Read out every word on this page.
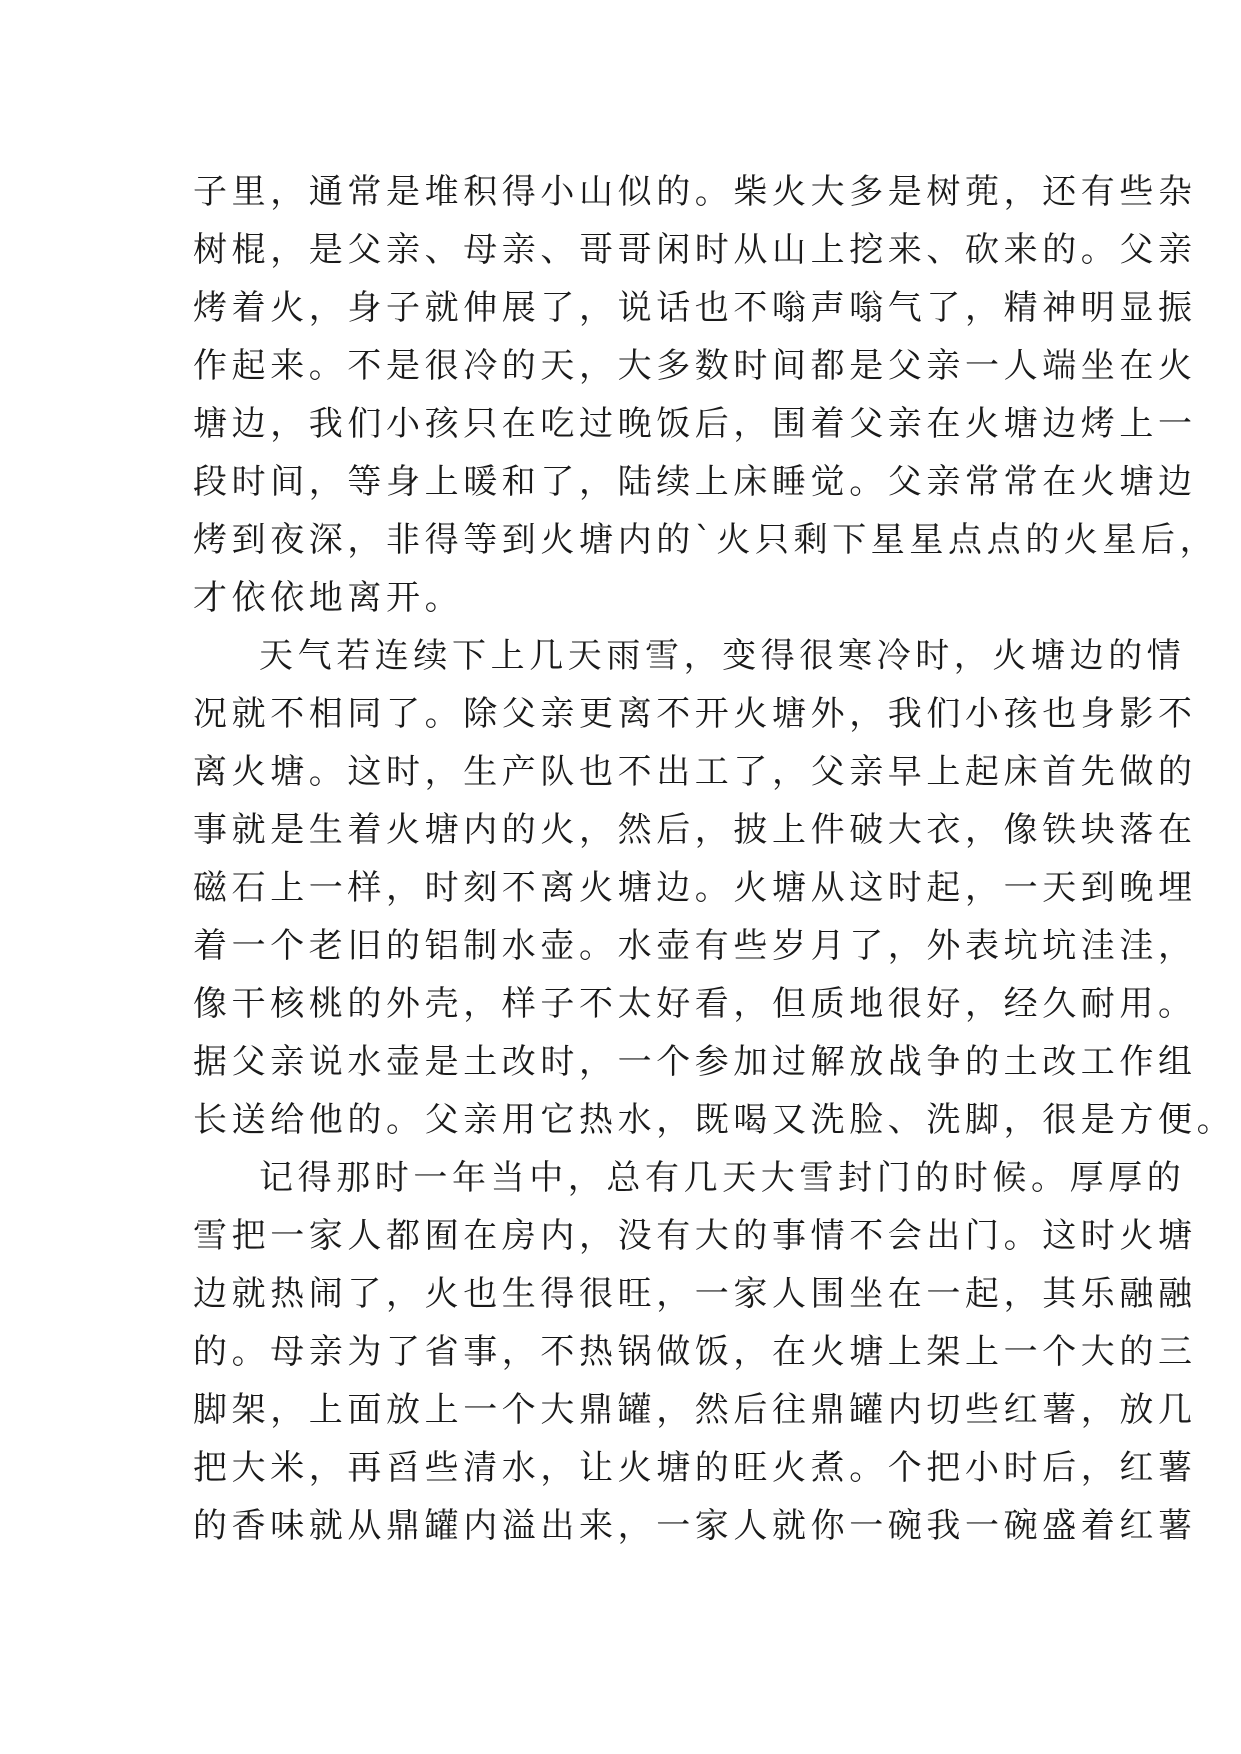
子里，通常是堆积得小山似的。柴火大多是树蔸，还有些杂
树棍，是父亲、母亲、哥哥闲时从山上挖来、砍来的。父亲
烤着火，身子就伸展了，说话也不嗡声嗡气了，精神明显振
作起来。不是很冷的天，大多数时间都是父亲一人端坐在火
塘边，我们小孩只在吃过晚饭后，围着父亲在火塘边烤上一
段时间，等身上暖和了，陆续上床睡觉。父亲常常在火塘边
烤到夜深，非得等到火塘内的`火只剩下星星点点的火星后，
才依依地离开。
天气若连续下上几天雨雪，变得很寒冷时，火塘边的情
况就不相同了。除父亲更离不开火塘外，我们小孩也身影不
离火塘。这时，生产队也不出工了，父亲早上起床首先做的
事就是生着火塘内的火，然后，披上件破大衣，像铁块落在
磁石上一样，时刻不离火塘边。火塘从这时起，一天到晚埋
着一个老旧的铝制水壶。水壶有些岁月了，外表坑坑洼洼，
像干核桃的外壳，样子不太好看，但质地很好，经久耐用。
据父亲说水壶是土改时，一个参加过解放战争的土改工作组
长送给他的。父亲用它热水，既喝又洗脸、洗脚，很是方便。
记得那时一年当中，总有几天大雪封门的时候。厚厚的
雪把一家人都囿在房内，没有大的事情不会出门。这时火塘
边就热闹了，火也生得很旺，一家人围坐在一起，其乐融融
的。母亲为了省事，不热锅做饭，在火塘上架上一个大的三
脚架，上面放上一个大鼎罐，然后往鼎罐内切些红薯，放几
把大米，再舀些清水，让火塘的旺火煮。个把小时后，红薯
的香味就从鼎罐内溢出来，一家人就你一碗我一碗盛着红薯
